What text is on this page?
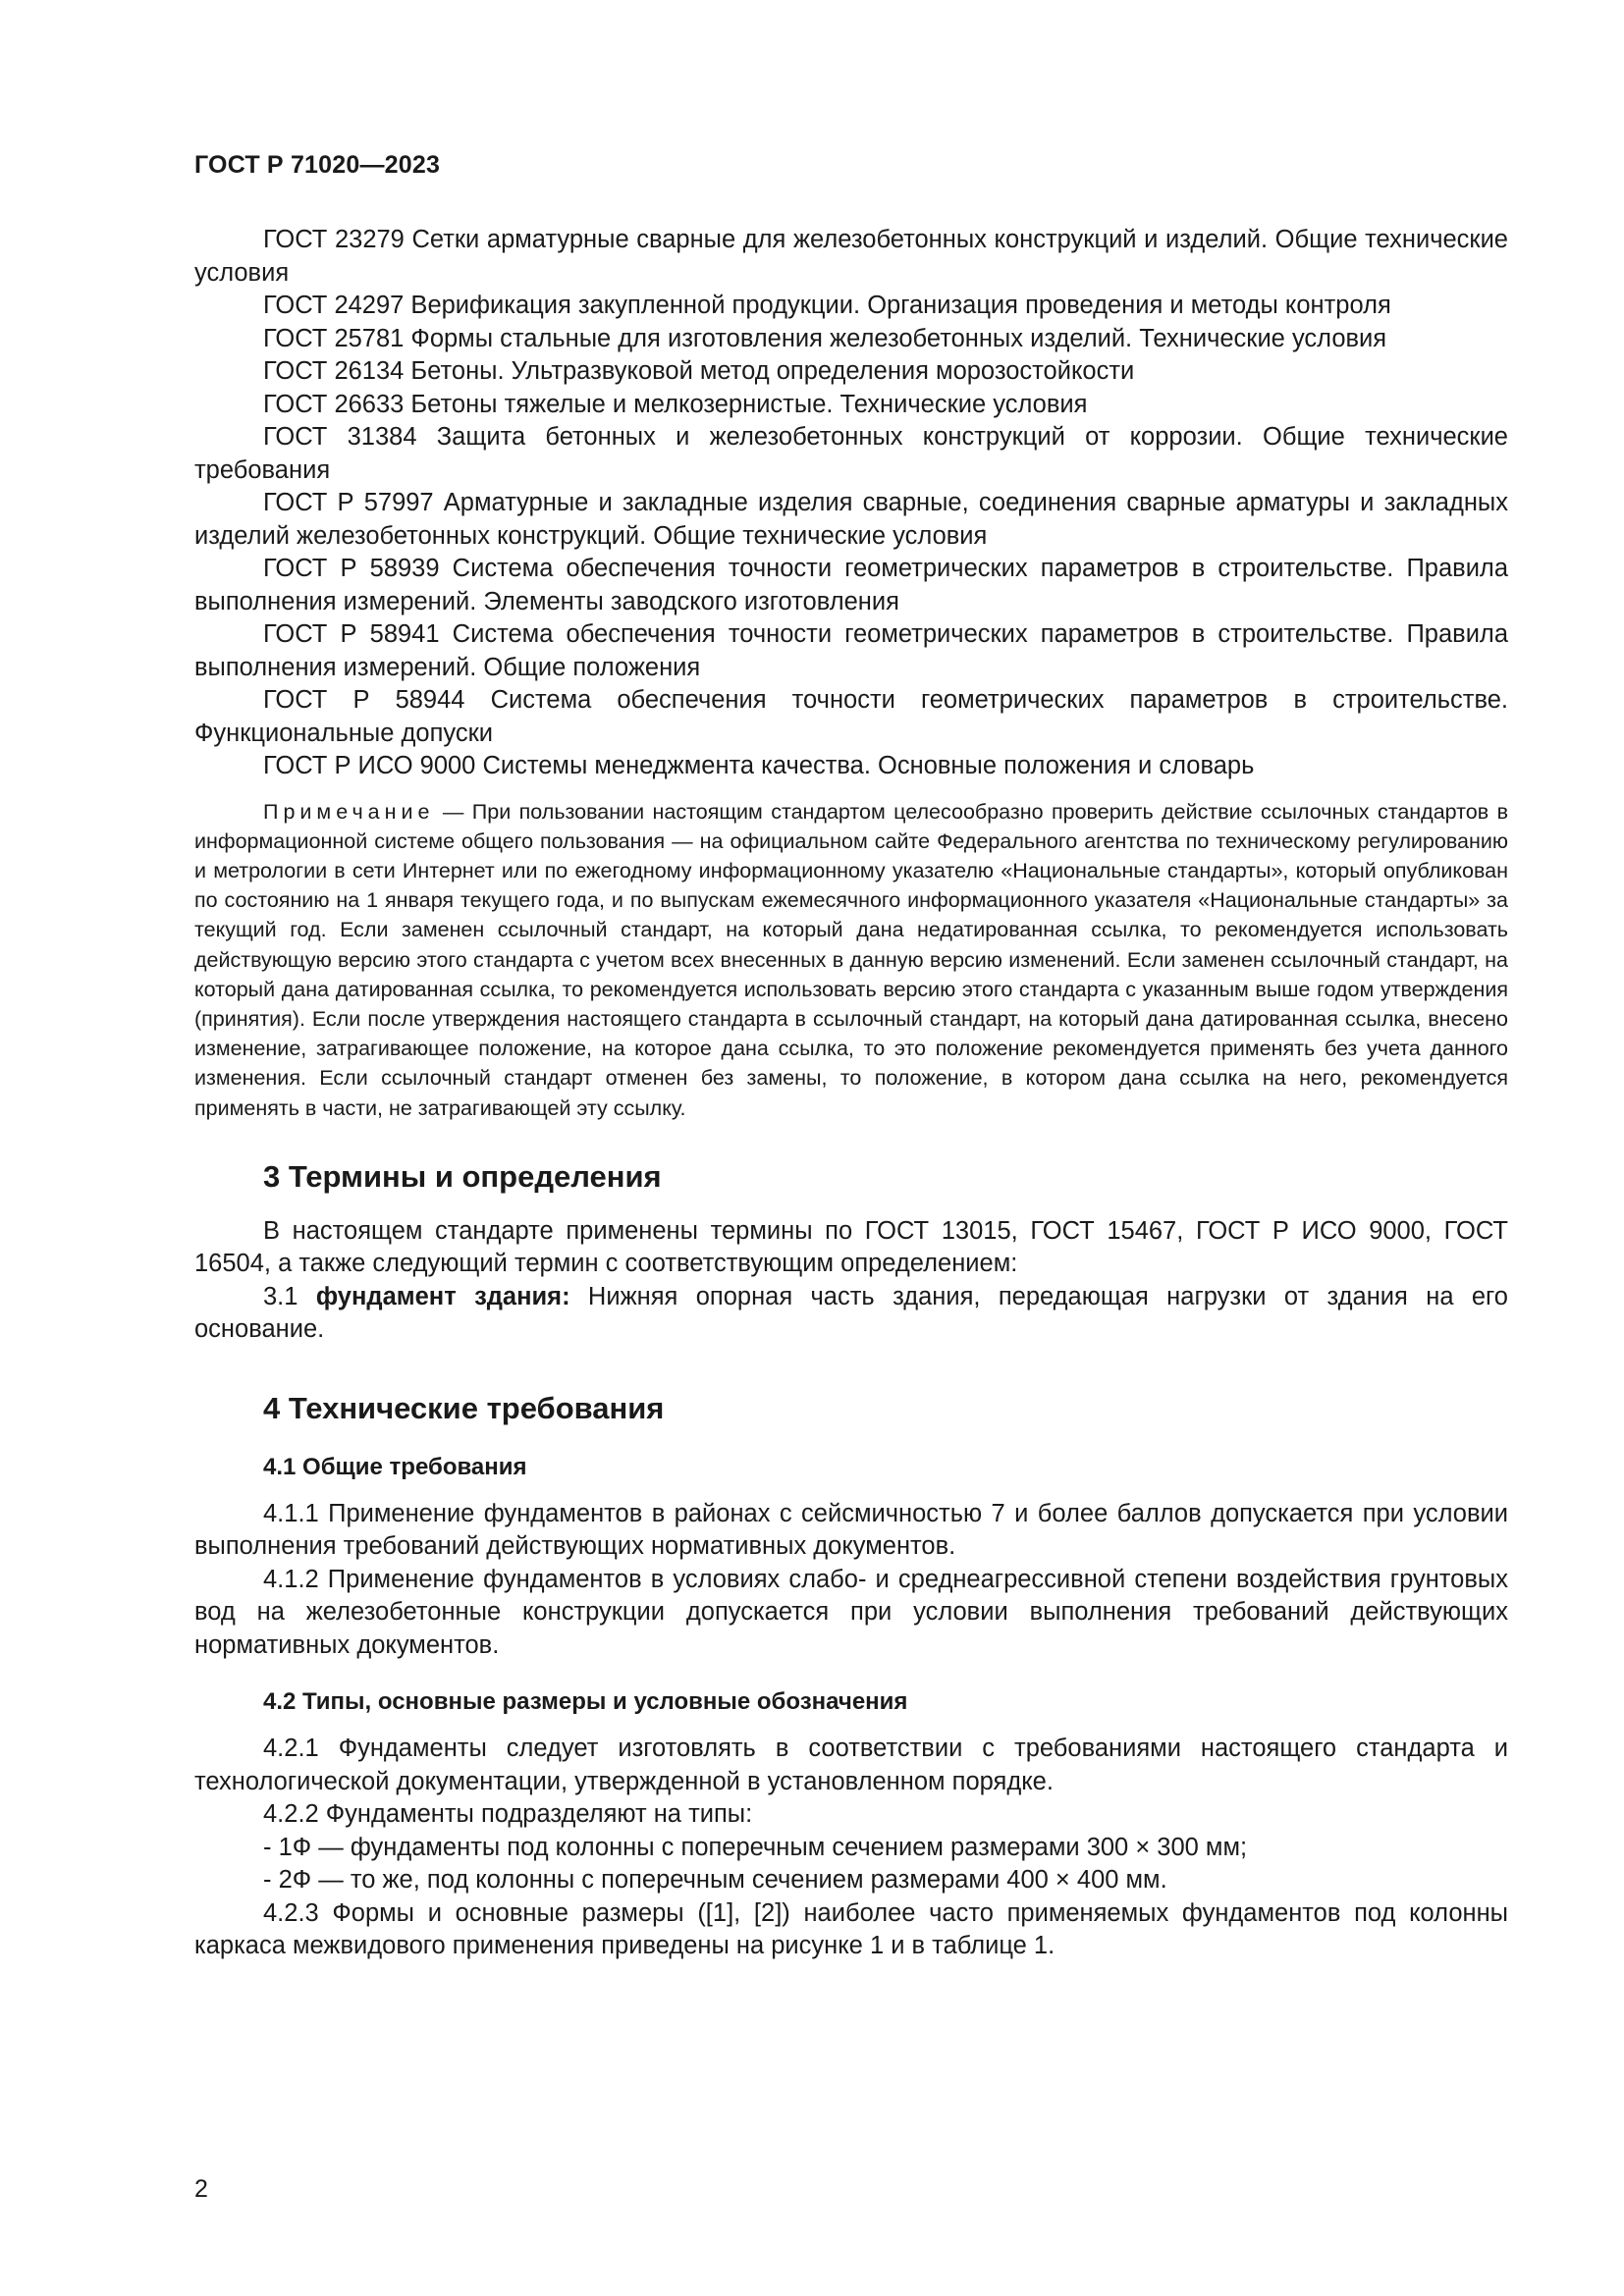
ГОСТ Р 71020—2023

ГОСТ 23279 Сетки арматурные сварные для железобетонных конструкций и изделий. Общие технические условия

ГОСТ 24297 Верификация закупленной продукции. Организация проведения и методы контроля

ГОСТ 25781 Формы стальные для изготовления железобетонных изделий. Технические условия

ГОСТ 26134 Бетоны. Ультразвуковой метод определения морозостойкости

ГОСТ 26633 Бетоны тяжелые и мелкозернистые. Технические условия

ГОСТ 31384 Защита бетонных и железобетонных конструкций от коррозии. Общие технические требования

ГОСТ Р 57997 Арматурные и закладные изделия сварные, соединения сварные арматуры и закладных изделий железобетонных конструкций. Общие технические условия

ГОСТ Р 58939 Система обеспечения точности геометрических параметров в строительстве. Правила выполнения измерений. Элементы заводского изготовления

ГОСТ Р 58941 Система обеспечения точности геометрических параметров в строительстве. Правила выполнения измерений. Общие положения

ГОСТ Р 58944 Система обеспечения точности геометрических параметров в строительстве. Функциональные допуски

ГОСТ Р ИСО 9000 Системы менеджмента качества. Основные положения и словарь

Примечание — При пользовании настоящим стандартом целесообразно проверить действие ссылочных стандартов в информационной системе общего пользования — на официальном сайте Федерального агентства по техническому регулированию и метрологии в сети Интернет или по ежегодному информационному указателю «Национальные стандарты», который опубликован по состоянию на 1 января текущего года, и по выпускам ежемесячного информационного указателя «Национальные стандарты» за текущий год. Если заменен ссылочный стандарт, на который дана недатированная ссылка, то рекомендуется использовать действующую версию этого стандарта с учетом всех внесенных в данную версию изменений. Если заменен ссылочный стандарт, на который дана датированная ссылка, то рекомендуется использовать версию этого стандарта с указанным выше годом утверждения (принятия). Если после утверждения настоящего стандарта в ссылочный стандарт, на который дана датированная ссылка, внесено изменение, затрагивающее положение, на которое дана ссылка, то это положение рекомендуется применять без учета данного изменения. Если ссылочный стандарт отменен без замены, то положение, в котором дана ссылка на него, рекомендуется применять в части, не затрагивающей эту ссылку.

3 Термины и определения

В настоящем стандарте применены термины по ГОСТ 13015, ГОСТ 15467, ГОСТ Р ИСО 9000, ГОСТ 16504, а также следующий термин с соответствующим определением:

3.1 фундамент здания: Нижняя опорная часть здания, передающая нагрузки от здания на его основание.

4 Технические требования
4.1 Общие требования

4.1.1 Применение фундаментов в районах с сейсмичностью 7 и более баллов допускается при условии выполнения требований действующих нормативных документов.

4.1.2 Применение фундаментов в условиях слабо- и среднеагрессивной степени воздействия грунтовых вод на железобетонные конструкции допускается при условии выполнения требований действующих нормативных документов.

4.2 Типы, основные размеры и условные обозначения

4.2.1 Фундаменты следует изготовлять в соответствии с требованиями настоящего стандарта и технологической документации, утвержденной в установленном порядке.

4.2.2 Фундаменты подразделяют на типы:

- 1Ф — фундаменты под колонны с поперечным сечением размерами 300 × 300 мм;

- 2Ф — то же, под колонны с поперечным сечением размерами 400 × 400 мм.

4.2.3 Формы и основные размеры ([1], [2]) наиболее часто применяемых фундаментов под колонны каркаса межвидового применения приведены на рисунке 1 и в таблице 1.

2
